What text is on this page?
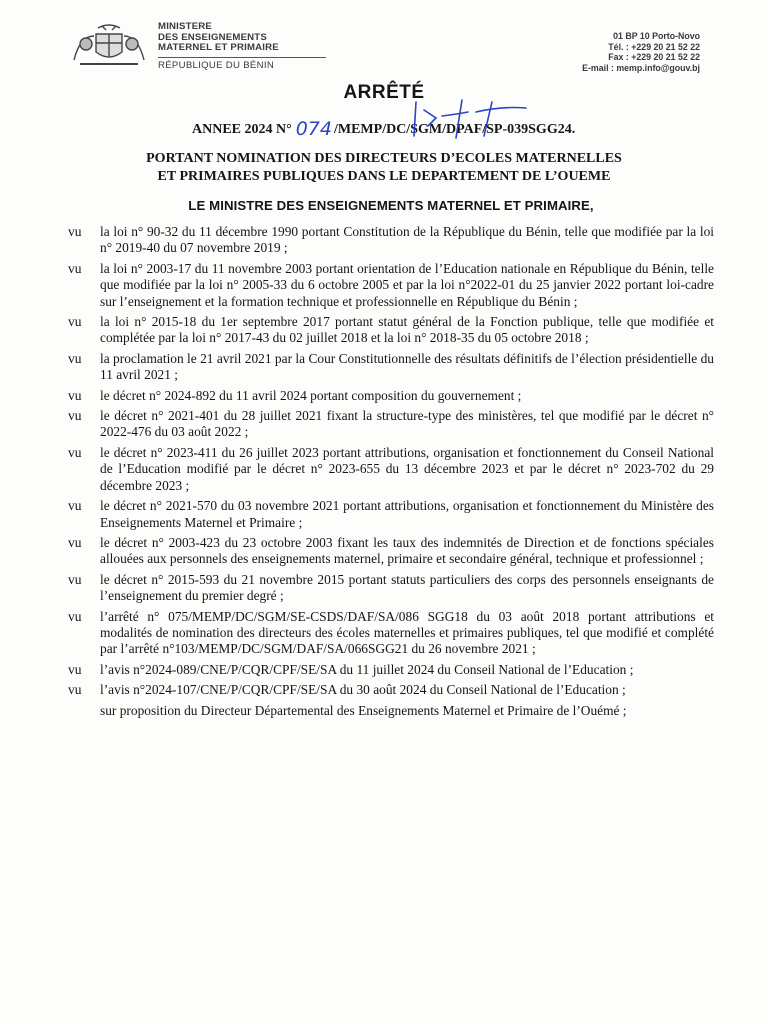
MINISTERE
DES ENSEIGNEMENTS
MATERNEL ET PRIMAIRE
RÉPUBLIQUE DU BÉNIN
01 BP 10 Porto-Novo
Tél. : +229 20 21 52 22
Fax : +229 20 21 52 22
E-mail : memp.info@gouv.bj
ARRÊTÉ
ANNEE 2024 N° 074 /MEMP/DC/SGM/DPAF/SP-039SGG24.
PORTANT NOMINATION DES DIRECTEURS D’ECOLES MATERNELLES
ET PRIMAIRES PUBLIQUES DANS LE DEPARTEMENT DE L’OUEME
LE MINISTRE DES ENSEIGNEMENTS MATERNEL ET PRIMAIRE,
vu	la loi n° 90-32 du 11 décembre 1990 portant Constitution de la République du Bénin, telle que modifiée par la loi n° 2019-40 du 07 novembre 2019 ;
vu	la loi n° 2003-17 du 11 novembre 2003 portant orientation de l’Education nationale en République du Bénin, telle que modifiée par la loi n° 2005-33 du 6 octobre 2005 et par la loi n°2022-01 du 25 janvier 2022 portant loi-cadre sur l’enseignement et la formation technique et professionnelle en République du Bénin ;
vu	la loi n° 2015-18 du 1er septembre 2017 portant statut général de la Fonction publique, telle que modifiée et complétée par la loi n° 2017-43 du 02 juillet 2018 et la loi n° 2018-35 du 05 octobre 2018 ;
vu	la proclamation le 21 avril 2021 par la Cour Constitutionnelle des résultats définitifs de l’élection présidentielle du 11 avril 2021 ;
vu	le décret n° 2024-892 du 11 avril 2024 portant composition du gouvernement ;
vu	le décret n° 2021-401 du 28 juillet 2021 fixant la structure-type des ministères, tel que modifié par le décret n° 2022-476 du 03 août 2022 ;
vu	le décret n° 2023-411 du 26 juillet 2023 portant attributions, organisation et fonctionnement du Conseil National de l’Education modifié par le décret n° 2023-655 du 13 décembre 2023 et par le décret n° 2023-702 du 29 décembre 2023 ;
vu	le décret n° 2021-570 du 03 novembre 2021 portant attributions, organisation et fonctionnement du Ministère des Enseignements Maternel et Primaire ;
vu	le décret n° 2003-423 du 23 octobre 2003 fixant les taux des indemnités de Direction et de fonctions spéciales allouées aux personnels des enseignements maternel, primaire et secondaire général, technique et professionnel ;
vu	le décret n° 2015-593 du 21 novembre 2015 portant statuts particuliers des corps des personnels enseignants de l’enseignement du premier degré ;
vu	l’arrêté n° 075/MEMP/DC/SGM/SE-CSDS/DAF/SA/086 SGG18 du 03 août 2018 portant attributions et modalités de nomination des directeurs des écoles maternelles et primaires publiques, tel que modifié et complété par l’arrêté n°103/MEMP/DC/SGM/DAF/SA/066SGG21 du 26 novembre 2021 ;
vu	l’avis n°2024-089/CNE/P/CQR/CPF/SE/SA du 11 juillet 2024 du Conseil National de l’Education ;
vu	l’avis n°2024-107/CNE/P/CQR/CPF/SE/SA du 30 août 2024 du Conseil National de l’Education ;
sur proposition du Directeur Départemental des Enseignements Maternel et Primaire de l’Ouémé ;
